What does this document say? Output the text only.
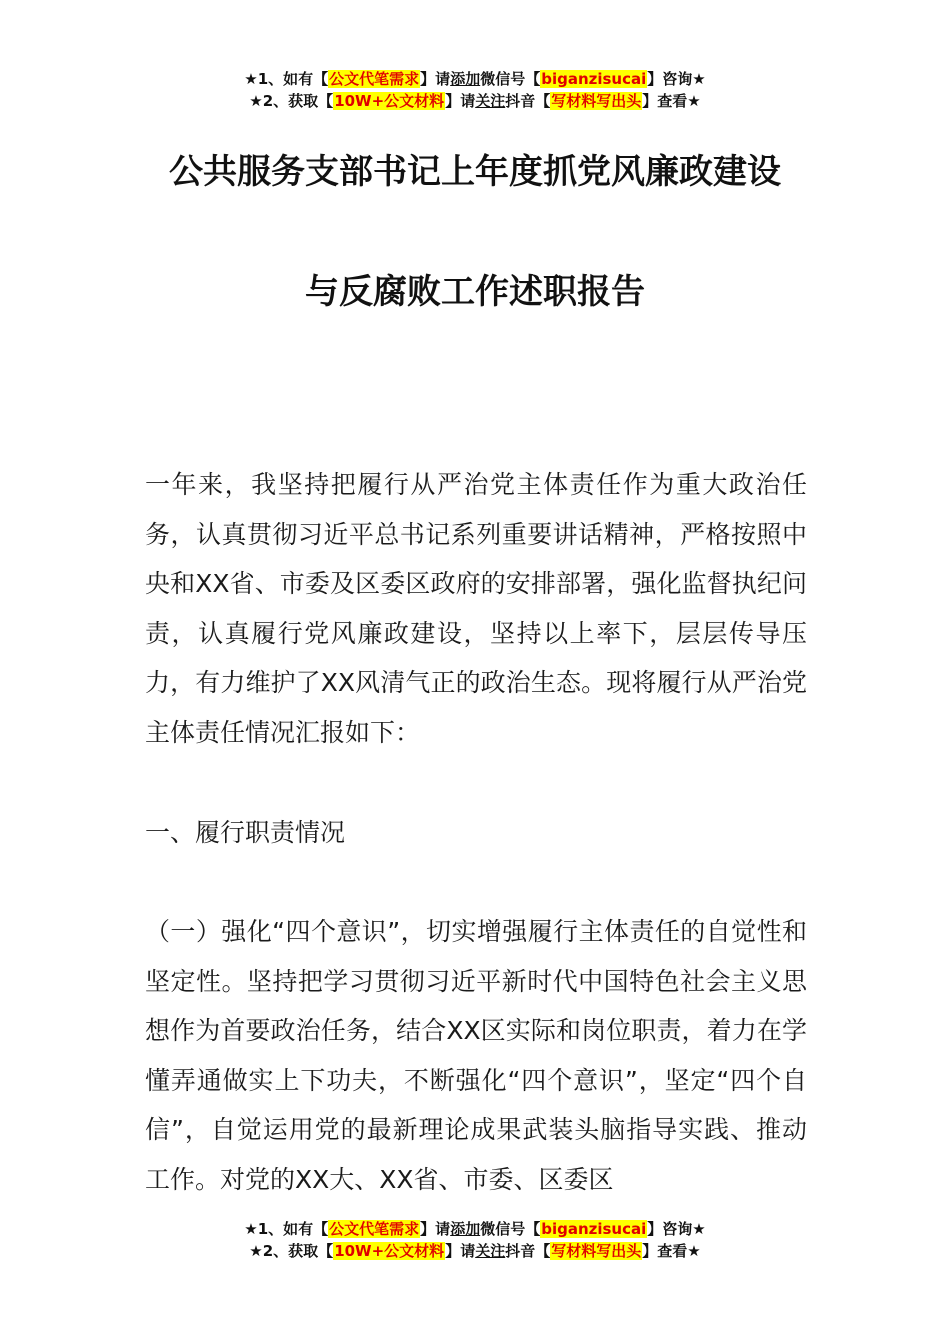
★1、如有【公文代笔需求】请添加微信号【biganzisucai】咨询★
★2、获取【10W+公文材料】请关注抖音【写材料写出头】查看★
公共服务支部书记上年度抓党风廉政建设
与反腐败工作述职报告
一年来，我坚持把履行从严治党主体责任作为重大政治任务，认真贯彻习近平总书记系列重要讲话精神，严格按照中央和XX省、市委及区委区政府的安排部署，强化监督执纪问责，认真履行党风廉政建设，坚持以上率下，层层传导压力，有力维护了XX风清气正的政治生态。现将履行从严治党主体责任情况汇报如下：
一、履行职责情况
（一）强化“四个意识”，切实增强履行主体责任的自觉性和坚定性。坚持把学习贯彻习近平新时代中国特色社会主义思想作为首要政治任务，结合XX区实际和岗位职责，着力在学懂弄通做实上下功夫，不断强化“四个意识”，坚定“四个自信”，自觉运用党的最新理论成果武装头脑指导实践、推动工作。对党的XX大、XX省、市委、区委区
★1、如有【公文代笔需求】请添加微信号【biganzisucai】咨询★
★2、获取【10W+公文材料】请关注抖音【写材料写出头】查看★
